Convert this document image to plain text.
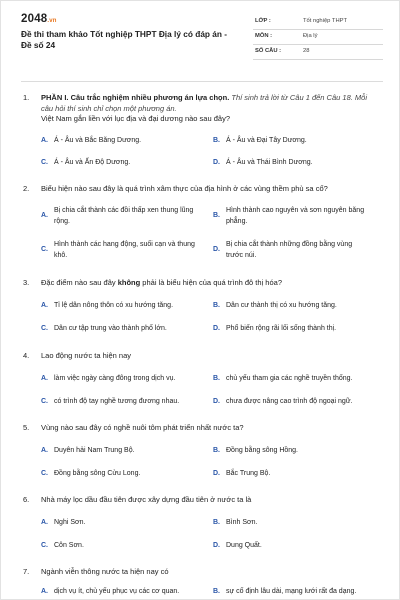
2048.vn
Đề thi tham khảo Tốt nghiệp THPT Địa lý có đáp án - Đề số 24
LỚP :	Tốt nghiệp THPT
MÔN :	Địa lý
SỐ CÂU :	28
1. PHẦN I. Câu trắc nghiệm nhiều phương án lựa chọn. Thí sinh trả lời từ Câu 1 đến Câu 18. Mỗi câu hỏi thí sinh chỉ chọn một phương án.
Việt Nam gắn liền với lục địa và đại dương nào sau đây?
A. Á - Âu và Bắc Băng Dương.	B. Á - Âu và Đại Tây Dương.
C. Á - Âu và Ấn Độ Dương.	D. Á - Âu và Thái Bình Dương.
2. Biểu hiện nào sau đây là quá trình xâm thực của địa hình ở các vùng thềm phù sa cổ?
A.
Bị chia cắt thành các đồi thấp xen thung lũng rộng.
B.
Hình thành cao nguyên và sơn nguyên băng phẳng.
C.
Hình thành các hang động, suối cạn và thung khô.
D.
Bị chia cắt thành những đồng bằng vùng trước núi.
3. Đặc điểm nào sau đây không phải là biểu hiện của quá trình đô thị hóa?
A. Tỉ lệ dân nông thôn có xu hướng tăng.	B. Dân cư thành thị có xu hướng tăng.
C. Dân cư tập trung vào thành phố lớn.	D. Phổ biến rộng rãi lối sống thành thị.
4. Lao động nước ta hiện nay
A. làm việc ngày càng đông trong dịch vụ.	B. chủ yếu tham gia các nghề truyền thống.
C. có trình độ tay nghề tương đương nhau.	D. chưa được nâng cao trình độ ngoại ngữ.
5. Vùng nào sau đây có nghề nuôi tôm phát triển nhất nước ta?
A. Duyên hải Nam Trung Bộ.	B. Đồng bằng sông Hồng.
C. Đồng bằng sông Cửu Long.	D. Bắc Trung Bộ.
6. Nhà máy lọc dầu đầu tiên được xây dựng đầu tiên ở nước ta là
A. Nghi Sơn.	B. Bình Sơn.
C. Côn Sơn.	D. Dung Quất.
7. Ngành viễn thông nước ta hiện nay có
A. dịch vụ ít, chủ yếu phục vụ các cơ quan.	B. sự cố định lâu dài, mạng lưới rất đa dạng.
